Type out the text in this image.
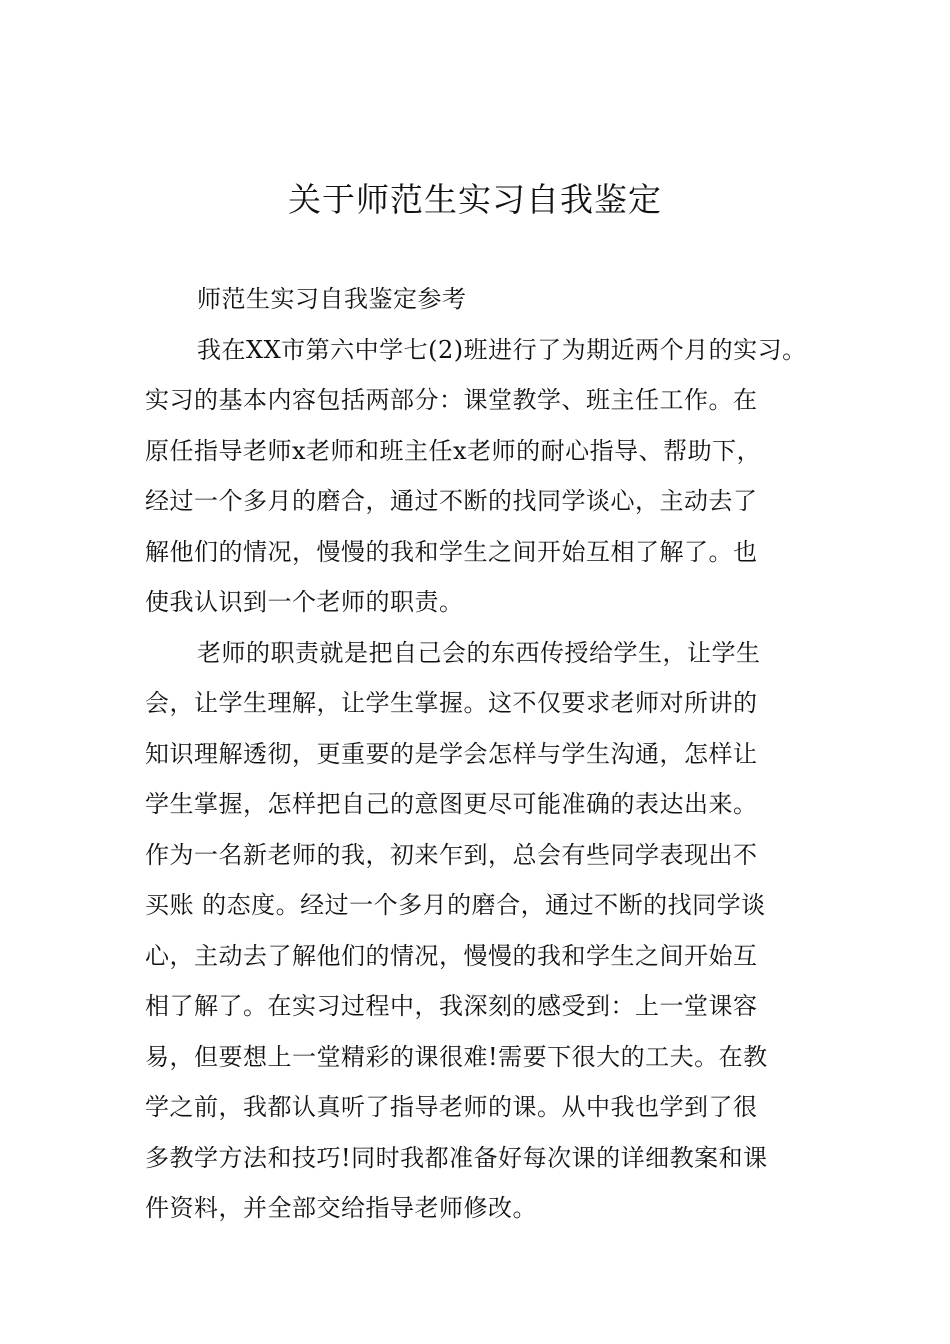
关于师范生实习自我鉴定
师范生实习自我鉴定参考
我在XX市第六中学七(2)班进行了为期近两个月的实习。
实习的基本内容包括两部分：课堂教学、班主任工作。在
原任指导老师x老师和班主任x老师的耐心指导、帮助下，
经过一个多月的磨合，通过不断的找同学谈心，主动去了
解他们的情况，慢慢的我和学生之间开始互相了解了。也
使我认识到一个老师的职责。
老师的职责就是把自己会的东西传授给学生，让学生
会，让学生理解，让学生掌握。这不仅要求老师对所讲的
知识理解透彻，更重要的是学会怎样与学生沟通，怎样让
学生掌握，怎样把自己的意图更尽可能准确的表达出来。
作为一名新老师的我，初来乍到，总会有些同学表现出不
买账 的态度。经过一个多月的磨合，通过不断的找同学谈
心，主动去了解他们的情况，慢慢的我和学生之间开始互
相了解了。在实习过程中，我深刻的感受到：上一堂课容
易，但要想上一堂精彩的课很难!需要下很大的工夫。在教
学之前，我都认真听了指导老师的课。从中我也学到了很
多教学方法和技巧!同时我都准备好每次课的详细教案和课
件资料，并全部交给指导老师修改。
